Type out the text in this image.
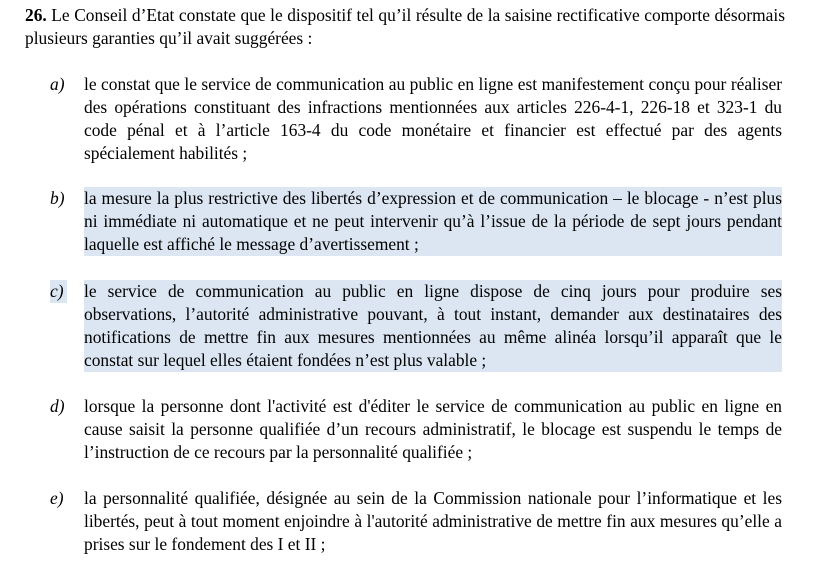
26. Le Conseil d’Etat constate que le dispositif tel qu’il résulte de la saisine rectificative comporte désormais plusieurs garanties qu’il avait suggérées :
a) le constat que le service de communication au public en ligne est manifestement conçu pour réaliser des opérations constituant des infractions mentionnées aux articles 226-4-1, 226-18 et 323-1 du code pénal et à l’article 163-4 du code monétaire et financier est effectué par des agents spécialement habilités ;
b) la mesure la plus restrictive des libertés d’expression et de communication – le blocage - n’est plus ni immédiate ni automatique et ne peut intervenir qu’à l’issue de la période de sept jours pendant laquelle est affiché le message d’avertissement ;
c) le service de communication au public en ligne dispose de cinq jours pour produire ses observations, l’autorité administrative pouvant, à tout instant, demander aux destinataires des notifications de mettre fin aux mesures mentionnées au même alinéa lorsqu’il apparaît que le constat sur lequel elles étaient fondées n’est plus valable ;
d) lorsque la personne dont l'activité est d'éditer le service de communication au public en ligne en cause saisit la personne qualifiée d’un recours administratif, le blocage est suspendu le temps de l’instruction de ce recours par la personnalité qualifiée ;
e) la personnalité qualifiée, désignée au sein de la Commission nationale pour l’informatique et les libertés, peut à tout moment enjoindre à l'autorité administrative de mettre fin aux mesures qu’elle a prises sur le fondement des I et II ;
